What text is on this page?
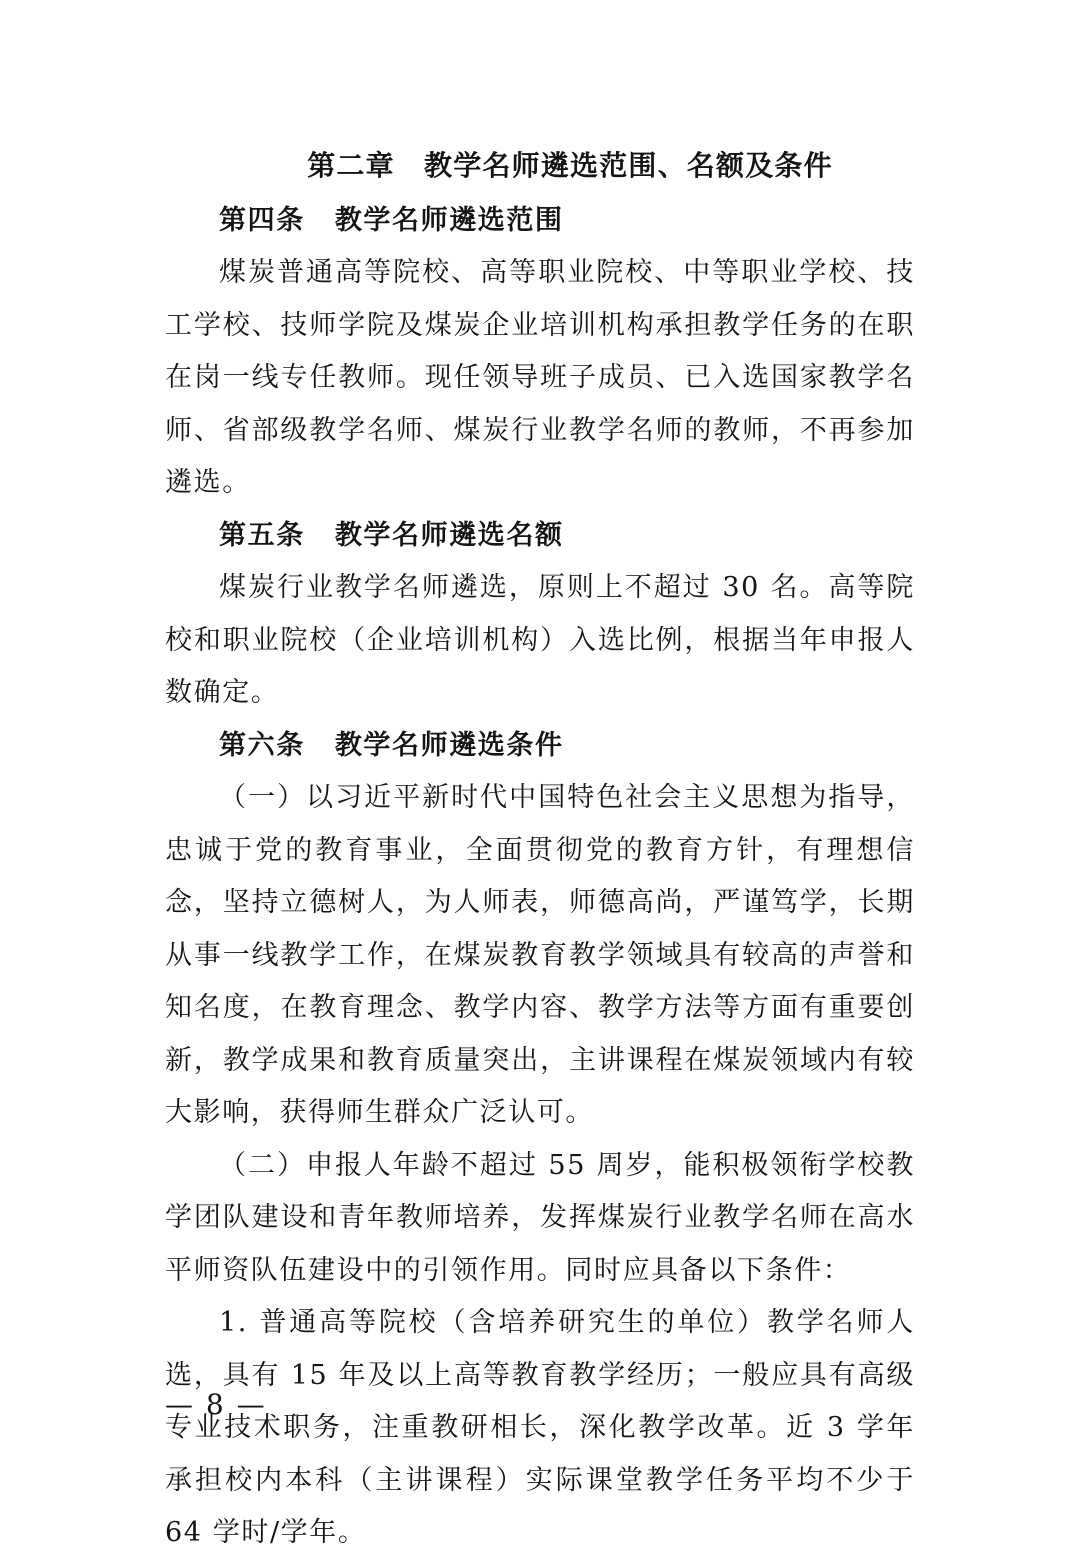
第二章　教学名师遴选范围、名额及条件

第四条 教学名师遴选范围

煤炭普通高等院校、高等职业院校、中等职业学校、技工学校、技师学院及煤炭企业培训机构承担教学任务的在职在岗一线专任教师。现任领导班子成员、已入选国家教学名师、省部级教学名师、煤炭行业教学名师的教师，不再参加遴选。

第五条 教学名师遴选名额

煤炭行业教学名师遴选，原则上不超过 30 名。高等院校和职业院校（企业培训机构）入选比例，根据当年申报人数确定。

第六条 教学名师遴选条件

（一）以习近平新时代中国特色社会主义思想为指导，忠诚于党的教育事业，全面贯彻党的教育方针，有理想信念，坚持立德树人，为人师表，师德高尚，严谨笃学，长期从事一线教学工作，在煤炭教育教学领域具有较高的声誉和知名度，在教育理念、教学内容、教学方法等方面有重要创新，教学成果和教育质量突出，主讲课程在煤炭领域内有较大影响，获得师生群众广泛认可。

（二）申报人年龄不超过 55 周岁，能积极领衔学校教学团队建设和青年教师培养，发挥煤炭行业教学名师在高水平师资队伍建设中的引领作用。同时应具备以下条件：

1. 普通高等院校（含培养研究生的单位）教学名师人选，具有 15 年及以上高等教育教学经历；一般应具有高级专业技术职务，注重教研相长，深化教学改革。近 3 学年承担校内本科（主讲课程）实际课堂教学任务平均不少于 64 学时/学年。

— 8 —
